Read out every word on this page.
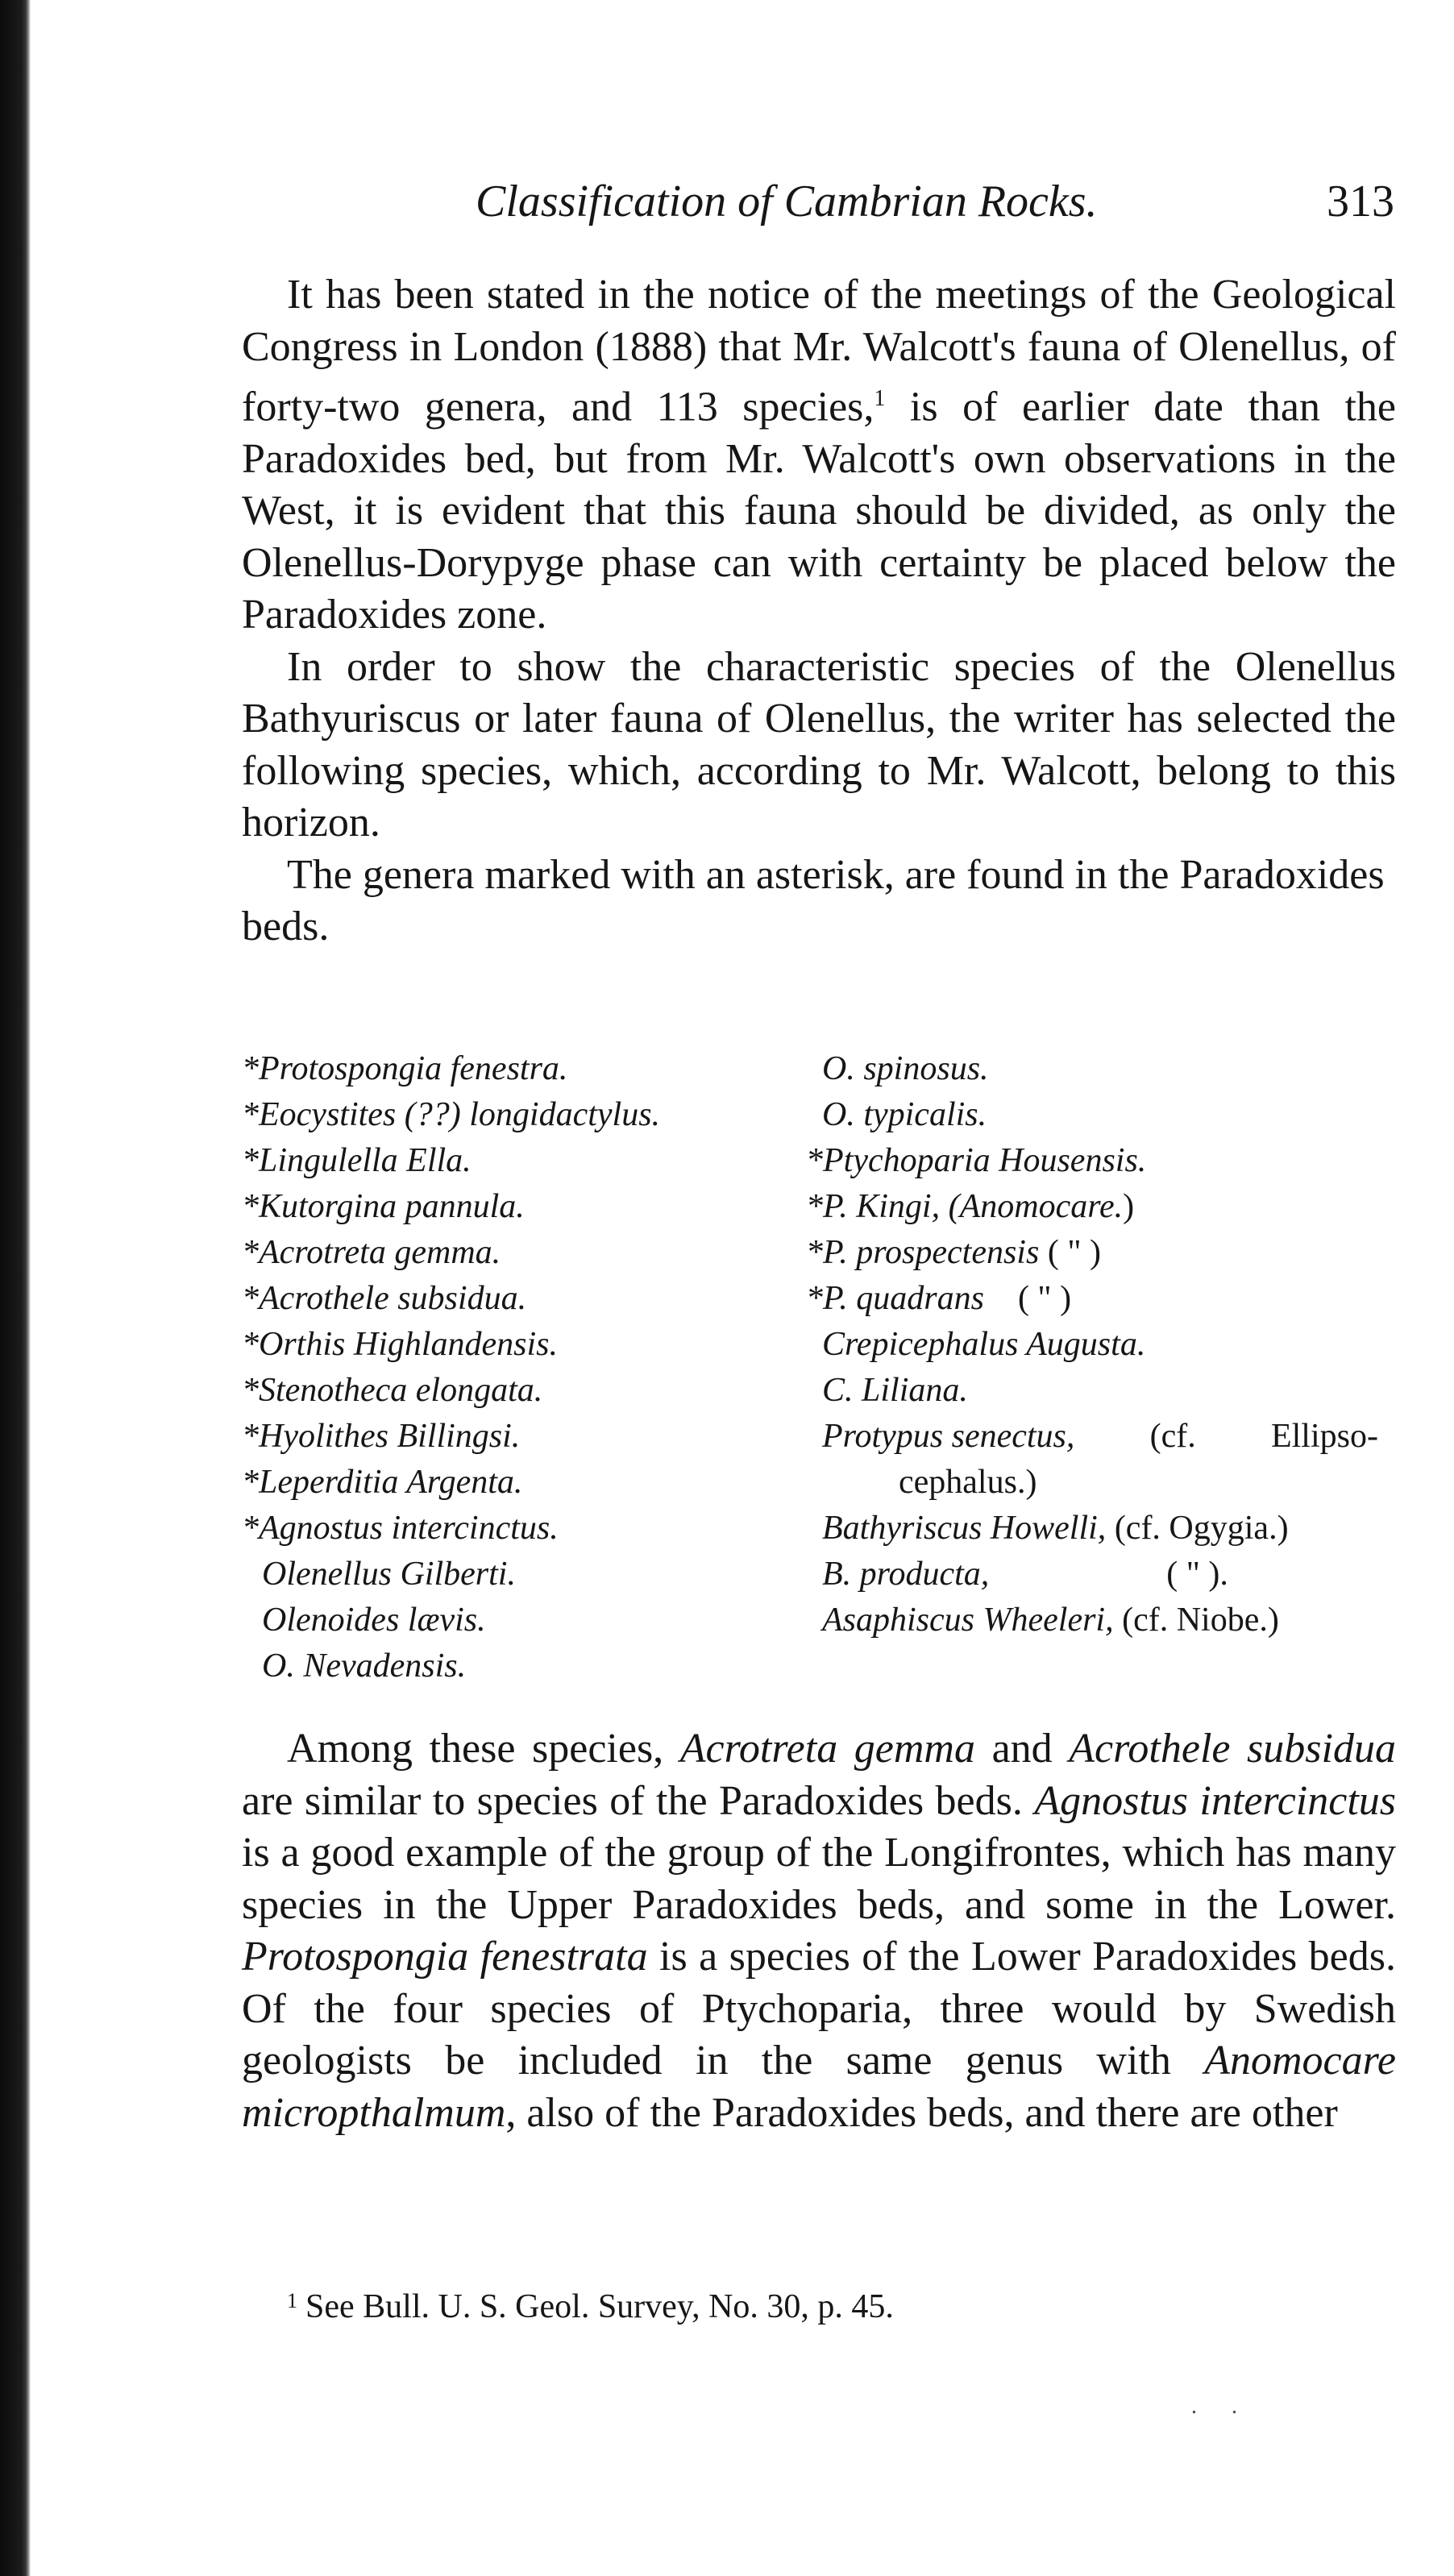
Classification of Cambrian Rocks.	313

It has been stated in the notice of the meetings of the Geological Congress in London (1888) that Mr. Walcott's fauna of Olenellus, of forty-two genera, and 113 species,$^1$ is of earlier date than the Paradoxides bed, but from Mr. Walcott's own observations in the West, it is evident that this fauna should be divided, as only the Olenellus-Dorypyge phase can with certainty be placed below the Paradoxides zone.

In order to show the characteristic species of the Olenellus Bathyuriscus or later fauna of Olenellus, the writer has selected the following species, which, according to Mr. Walcott, belong to this horizon.

The genera marked with an asterisk, are found in the Paradoxides beds.

*Protospongia fenestra.
*Eocystites (??) longidactylus.
*Lingulella Ella.
*Kutorgina pannula.
*Acrotreta gemma.
*Acrothele subsidua.
*Orthis Highlandensis.
*Stenotheca elongata.
*Hyolithes Billingsi.
*Leperditia Argenta.
*Agnostus intercinctus.
Olenellus Gilberti.
Olenoides lævis.
O. Nevadensis.
O. spinosus.
O. typicalis.
*Ptychoparia Housensis.
*P. Kingi, (Anomocare.)
*P. prospectensis ( " )
*P. quadrans    ( " )
Crepicephalus Augusta.
C. Liliana.
Protypus senectus, (cf. Ellipso-
cephalus.)
Bathyriscus Howelli, (cf. Ogygia.)
B. producta,	( " ).
Asaphiscus Wheeleri, (cf. Niobe.)

Among these species, Acrotreta gemma and Acrothele subsidua are similar to species of the Paradoxides beds. Agnostus intercinctus is a good example of the group of the Longifrontes, which has many species in the Upper Paradoxides beds, and some in the Lower. Protospongia fenestrata is a species of the Lower Paradoxides beds. Of the four species of Ptychoparia, three would by Swedish geologists be included in the same genus with Anomocare micropthalmum, also of the Paradoxides beds, and there are other

$^1$ See Bull. U. S. Geol. Survey, No. 30, p. 45.
. .
